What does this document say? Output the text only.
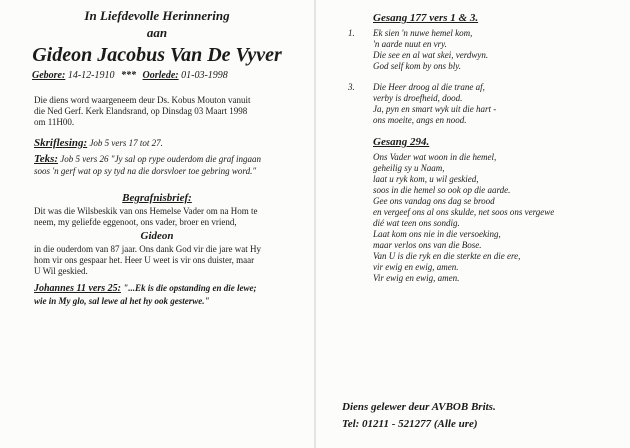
In Liefdevolle Herinnering
aan
Gideon Jacobus Van De Vyver
Gebore: 14-12-1910 *** Oorlede: 01-03-1998
Die diens word waargeneem deur Ds. Kobus Mouton vanuit
die Ned Gerf. Kerk Elandsrand, op Dinsdag 03 Maart 1998
om 11H00.
Skriflesing: Job 5 vers 17 tot 27.
Teks: Job 5 vers 26 "Jy sal op rype ouderdom die graf ingaan
soos 'n gerf wat op sy tyd na die dorsvloer toe gebring word."
Begrafnisbrief:
Dit was die Wilsbeskik van ons Hemelse Vader om na Hom te
neem, my geliefde eggenoot, ons vader, broer en vriend,
Gideon
in die ouderdom van 87 jaar. Ons dank God vir die jare wat Hy
hom vir ons gespaar het. Heer U weet is vir ons duister, maar
U Wil geskied.
Johannes 11 vers 25: "...Ek is die opstanding en die lewe;
wie in My glo, sal lewe al het hy ook gesterwe."
Gesang 177 vers 1 & 3.
1. Ek sien 'n nuwe hemel kom,
'n aarde nuut en vry.
Die see en al wat skei, verdwyn.
God self kom by ons bly.
3. Die Heer droog al die trane af,
verby is droefheid, dood.
Ja, pyn en smart wyk uit die hart -
ons moeite, angs en nood.
Gesang 294.
Ons Vader wat woon in die hemel,
geheilig sy u Naam,
laat u ryk kom, u wil geskied,
soos in die hemel so ook op die aarde.
Gee ons vandag ons dag se brood
en vergeef ons al ons skulde, net soos ons vergewe
dié wat teen ons sondig.
Laat kom ons nie in die versoeking,
maar verlos ons van die Bose.
Van U is die ryk en die sterkte en die ere,
vir ewig en ewig, amen.
Vir ewig en ewig, amen.
Diens gelewer deur AVBOB Brits.
Tel: 01211 - 521277 (Alle ure)
